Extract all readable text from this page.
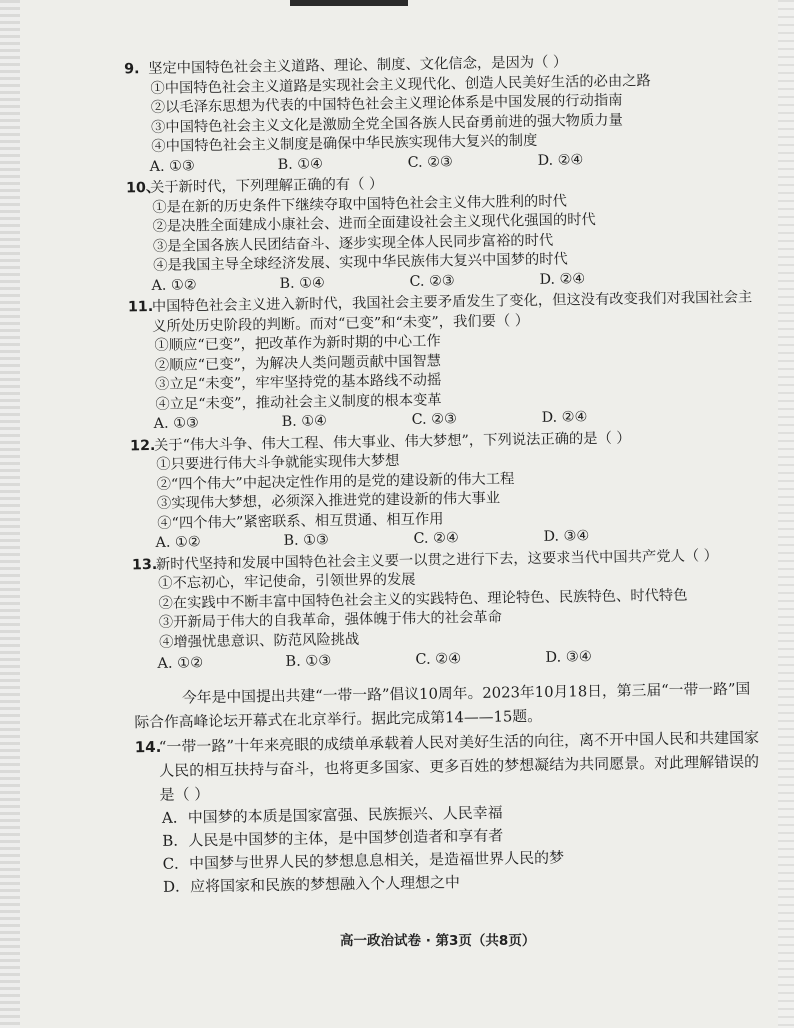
9. 坚定中国特色社会主义道路、理论、制度、文化信念，是因为（ ）
①中国特色社会主义道路是实现社会主义现代化、创造人民美好生活的必由之路
②以毛泽东思想为代表的中国特色社会主义理论体系是中国发展的行动指南
③中国特色社会主义文化是激励全党全国各族人民奋勇前进的强大物质力量
④中国特色社会主义制度是确保中华民族实现伟大复兴的制度
A. ①③	B. ①④	C. ②③	D. ②④
10、
关于新时代，下列理解正确的有（ ）
①是在新的历史条件下继续夺取中国特色社会主义伟大胜利的时代
②是决胜全面建成小康社会、进而全面建设社会主义现代化强国的时代
③是全国各族人民团结奋斗、逐步实现全体人民同步富裕的时代
④是我国主导全球经济发展、实现中华民族伟大复兴中国梦的时代
A. ①②	B. ①④	C. ②③	D. ②④
11.
中国特色社会主义进入新时代，我国社会主要矛盾发生了变化，但这没有改变我们对我国社会主义所处历史阶段的判断。而对“已变”和“未变”，我们要（ ）
①顺应“已变”，把改革作为新时期的中心工作
②顺应“已变”，为解决人类问题贡献中国智慧
③立足“未变”，牢牢坚持党的基本路线不动摇
④立足“未变”，推动社会主义制度的根本变革
A. ①③	B. ①④	C. ②③	D. ②④
12.
关于“伟大斗争、伟大工程、伟大事业、伟大梦想”，下列说法正确的是（ ）
①只要进行伟大斗争就能实现伟大梦想
②“四个伟大”中起决定性作用的是党的建设新的伟大工程
③实现伟大梦想，必须深入推进党的建设新的伟大事业
④“四个伟大”紧密联系、相互贯通、相互作用
A. ①②	B. ①③	C. ②④	D. ③④
13.
新时代坚持和发展中国特色社会主义要一以贯之进行下去，这要求当代中国共产党人（ ）
①不忘初心，牢记使命，引领世界的发展
②在实践中不断丰富中国特色社会主义的实践特色、理论特色、民族特色、时代特色
③开新局于伟大的自我革命，强体魄于伟大的社会革命
④增强忧患意识、防范风险挑战
A. ①②	B. ①③	C. ②④	D. ③④
今年是中国提出共建“一带一路”倡议10周年。2023年10月18日，第三届“一带一路”国际合作高峰论坛开幕式在北京举行。据此完成第14——15题。
14.“一带一路”十年来亮眼的成绩单承载着人民对美好生活的向往，离不开中国人民和共建国家人民的相互扶持与奋斗，也将更多国家、更多百姓的梦想凝结为共同愿景。对此理解错误的是（ ）
A．中国梦的本质是国家富强、民族振兴、人民幸福
B．人民是中国梦的主体，是中国梦创造者和享有者
C．中国梦与世界人民的梦想息息相关，是造福世界人民的梦
D．应将国家和民族的梦想融入个人理想之中
高一政治试卷 · 第3页（共8页）
